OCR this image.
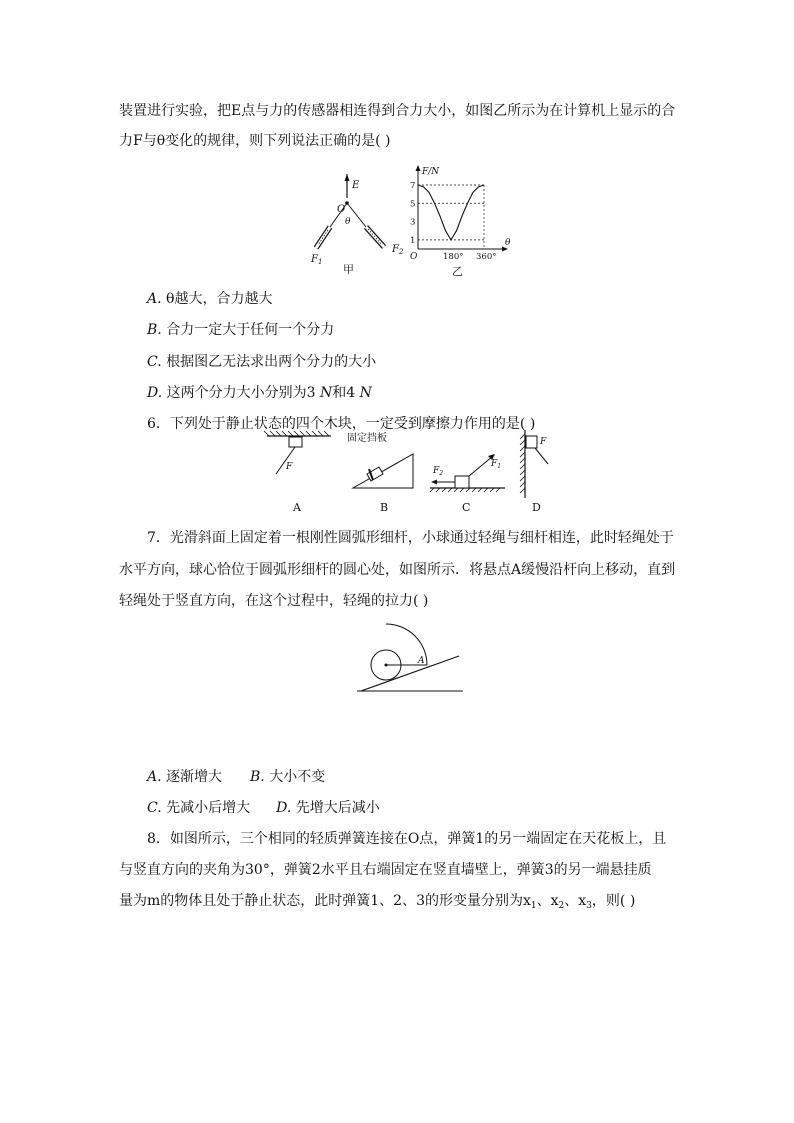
装置进行实验，把E点与力的传感器相连得到合力大小，如图乙所示为在计算机上显示的合
力F与θ变化的规律，则下列说法正确的是( )
E
O
θ
$F_1$
$F_2$
甲
F/N
θ
O
1
3
5
7
180° 360°
乙
A. θ越大，合力越大
B. 合力一定大于任何一个分力
C. 根据图乙无法求出两个分力的大小
D. 这两个分力大小分别为3 N和4 N
6．下列处于静止状态的四个木块，一定受到摩擦力作用的是( )
F
A
固定挡板
B
$F_2$
$F_1$
C
F
D
7．光滑斜面上固定着一根刚性圆弧形细杆，小球通过轻绳与细杆相连，此时轻绳处于
水平方向，球心恰位于圆弧形细杆的圆心处，如图所示．将悬点A缓慢沿杆向上移动，直到
轻绳处于竖直方向，在这个过程中，轻绳的拉力( )
A
A. 逐渐增大 B. 大小不变
C. 先减小后增大 D. 先增大后减小
8．如图所示，三个相同的轻质弹簧连接在O点，弹簧1的另一端固定在天花板上，且
与竖直方向的夹角为30°，弹簧2水平且右端固定在竖直墙壁上，弹簧3的另一端悬挂质
量为m的物体且处于静止状态，此时弹簧1、2、3的形变量分别为$x_1$、$x_2$、$x_3$，则( )
